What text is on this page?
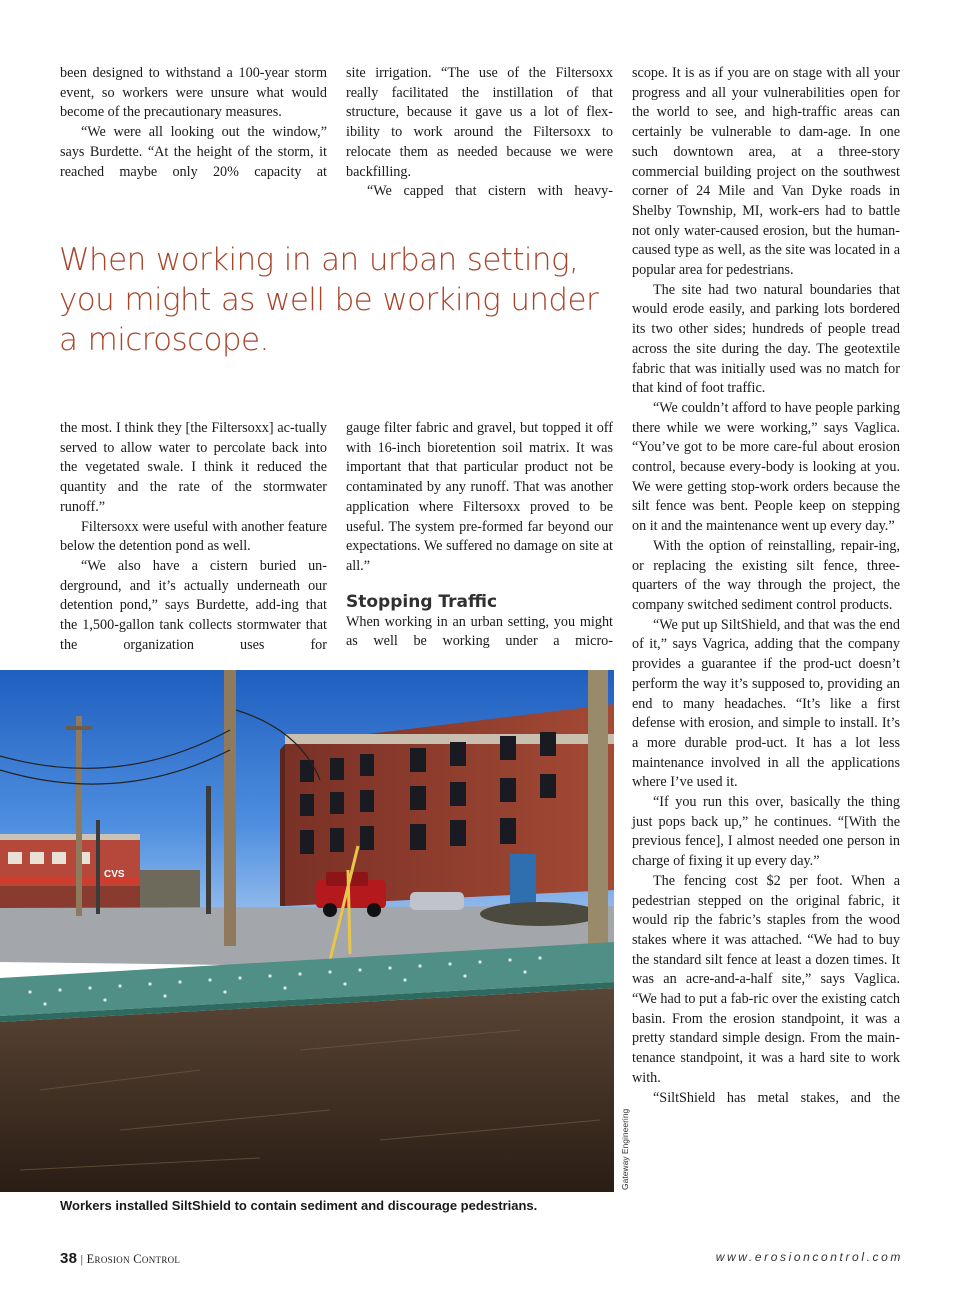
been designed to withstand a 100-year storm event, so workers were unsure what would become of the precautionary measures.

“We were all looking out the window,” says Burdette. “At the height of the storm, it reached maybe only 20% capacity at

site irrigation. “The use of the Filtersoxx really facilitated the instillation of that structure, because it gave us a lot of flex-ibility to work around the Filtersoxx to relocate them as needed because we were backfilling.

“We capped that cistern with heavy-

When working in an urban setting, you might as well be working under a microscope.

the most. I think they [the Filtersoxx] ac-tually served to allow water to percolate back into the vegetated swale. I think it reduced the quantity and the rate of the stormwater runoff.”

Filtersoxx were useful with another feature below the detention pond as well.

“We also have a cistern buried un-derground, and it’s actually underneath our detention pond,” says Burdette, add-ing that the 1,500-gallon tank collects stormwater that the organization uses for

gauge filter fabric and gravel, but topped it off with 16-inch bioretention soil matrix. It was important that that particular product not be contaminated by any runoff. That was another application where Filtersoxx proved to be useful. The system pre-formed far beyond our expectations. We suffered no damage on site at all.”

Stopping Traffic

When working in an urban setting, you might as well be working under a micro-

scope. It is as if you are on stage with all your progress and all your vulnerabilities open for the world to see, and high-traffic areas can certainly be vulnerable to dam-age. In one such downtown area, at a three-story commercial building project on the southwest corner of 24 Mile and Van Dyke roads in Shelby Township, MI, work-ers had to battle not only water-caused erosion, but the human-caused type as well, as the site was located in a popular area for pedestrians.

The site had two natural boundaries that would erode easily, and parking lots bordered its two other sides; hundreds of people tread across the site during the day. The geotextile fabric that was initially used was no match for that kind of foot traffic.

“We couldn’t afford to have people parking there while we were working,” says Vaglica. “You’ve got to be more care-ful about erosion control, because every-body is looking at you. We were getting stop-work orders because the silt fence was bent. People keep on stepping on it and the maintenance went up every day.”

With the option of reinstalling, repair-ing, or replacing the existing silt fence, three-quarters of the way through the project, the company switched sediment control products.

“We put up SiltShield, and that was the end of it,” says Vagrica, adding that the company provides a guarantee if the prod-uct doesn’t perform the way it’s supposed to, providing an end to many headaches. “It’s like a first defense with erosion, and simple to install. It’s a more durable prod-uct. It has a lot less maintenance involved in all the applications where I’ve used it.

“If you run this over, basically the thing just pops back up,” he continues. “[With the previous fence], I almost needed one person in charge of fixing it up every day.”

The fencing cost $2 per foot. When a pedestrian stepped on the original fabric, it would rip the fabric’s staples from the wood stakes where it was attached. “We had to buy the standard silt fence at least a dozen times. It was an acre-and-a-half site,” says Vaglica. “We had to put a fab-ric over the existing catch basin. From the erosion standpoint, it was a pretty standard simple design. From the main-tenance standpoint, it was a hard site to work with.

“SiltShield has metal stakes, and the

CVS
Gateway Engineering
Workers installed SiltShield to contain sediment and discourage pedestrians.
38 | Erosion Control	www.erosioncontrol.com
